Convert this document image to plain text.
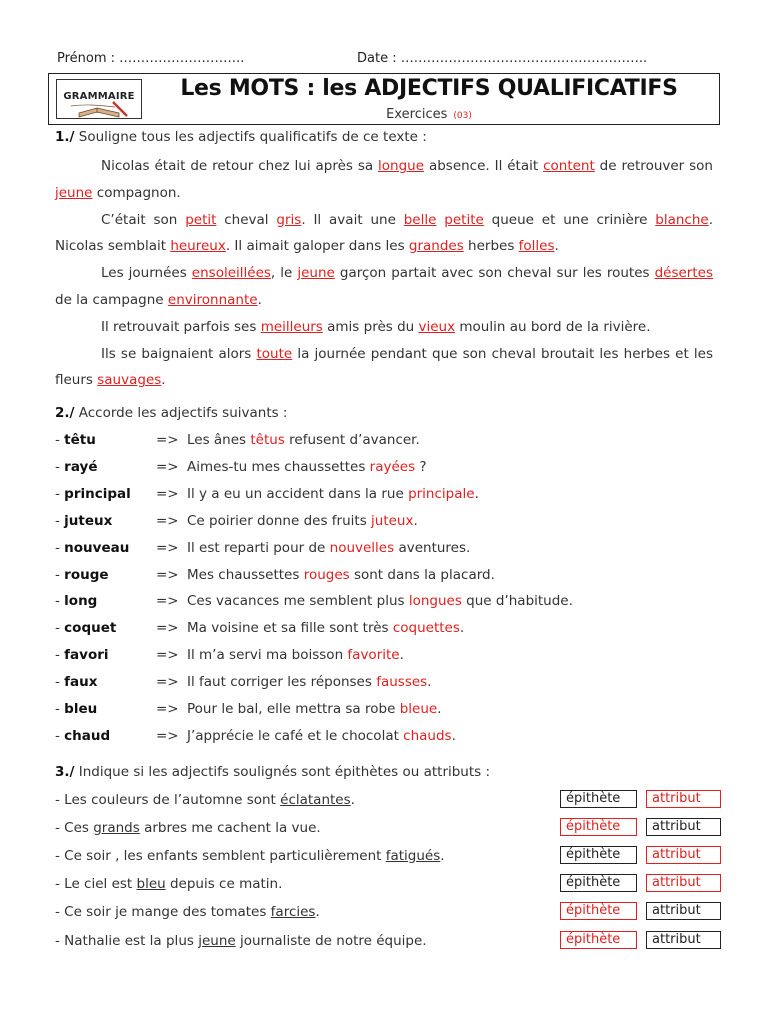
Prénom : ………………………..	Date : ……………………………….………………..
GRAMMAIRE	Les MOTS : les ADJECTIFS QUALIFICATIFS
Exercices (03)
1./ Souligne tous les adjectifs qualificatifs de ce texte :

Nicolas était de retour chez lui après sa longue absence. Il était content de retrouver son jeune compagnon.

C’était son petit cheval gris. Il avait une belle petite queue et une crinière blanche. Nicolas semblait heureux. Il aimait galoper dans les grandes herbes folles.

Les journées ensoleillées, le jeune garçon partait avec son cheval sur les routes désertes de la campagne environnante.

Il retrouvait parfois ses meilleurs amis près du vieux moulin au bord de la rivière.

Ils se baignaient alors toute la journée pendant que son cheval broutait les herbes et les fleurs sauvages.

2./ Accorde les adjectifs suivants :
- têtu	=> Les ânes têtus refusent d’avancer.
- rayé	=> Aimes-tu mes chaussettes rayées ?
- principal => Il y a eu un accident dans la rue principale.
- juteux	=> Ce poirier donne des fruits juteux.
- nouveau => Il est reparti pour de nouvelles aventures.
- rouge	=> Mes chaussettes rouges sont dans la placard.
- long	=> Ces vacances me semblent plus longues que d’habitude.
- coquet	=> Ma voisine et sa fille sont très coquettes.
- favori	=> Il m’a servi ma boisson favorite.
- faux	=> Il faut corriger les réponses fausses.
- bleu	=> Pour le bal, elle mettra sa robe bleue.
- chaud	=> J’apprécie le café et le chocolat chauds.
3./ Indique si les adjectifs soulignés sont épithètes ou attributs :
- Les couleurs de l’automne sont éclatantes.	épithète	attribut
- Ces grands arbres me cachent la vue.	épithète	attribut
- Ce soir , les enfants semblent particulièrement fatigués.	épithète	attribut
- Le ciel est bleu depuis ce matin.	épithète	attribut
- Ce soir je mange des tomates farcies.	épithète	attribut
- Nathalie est la plus jeune journaliste de notre équipe.	épithète	attribut
